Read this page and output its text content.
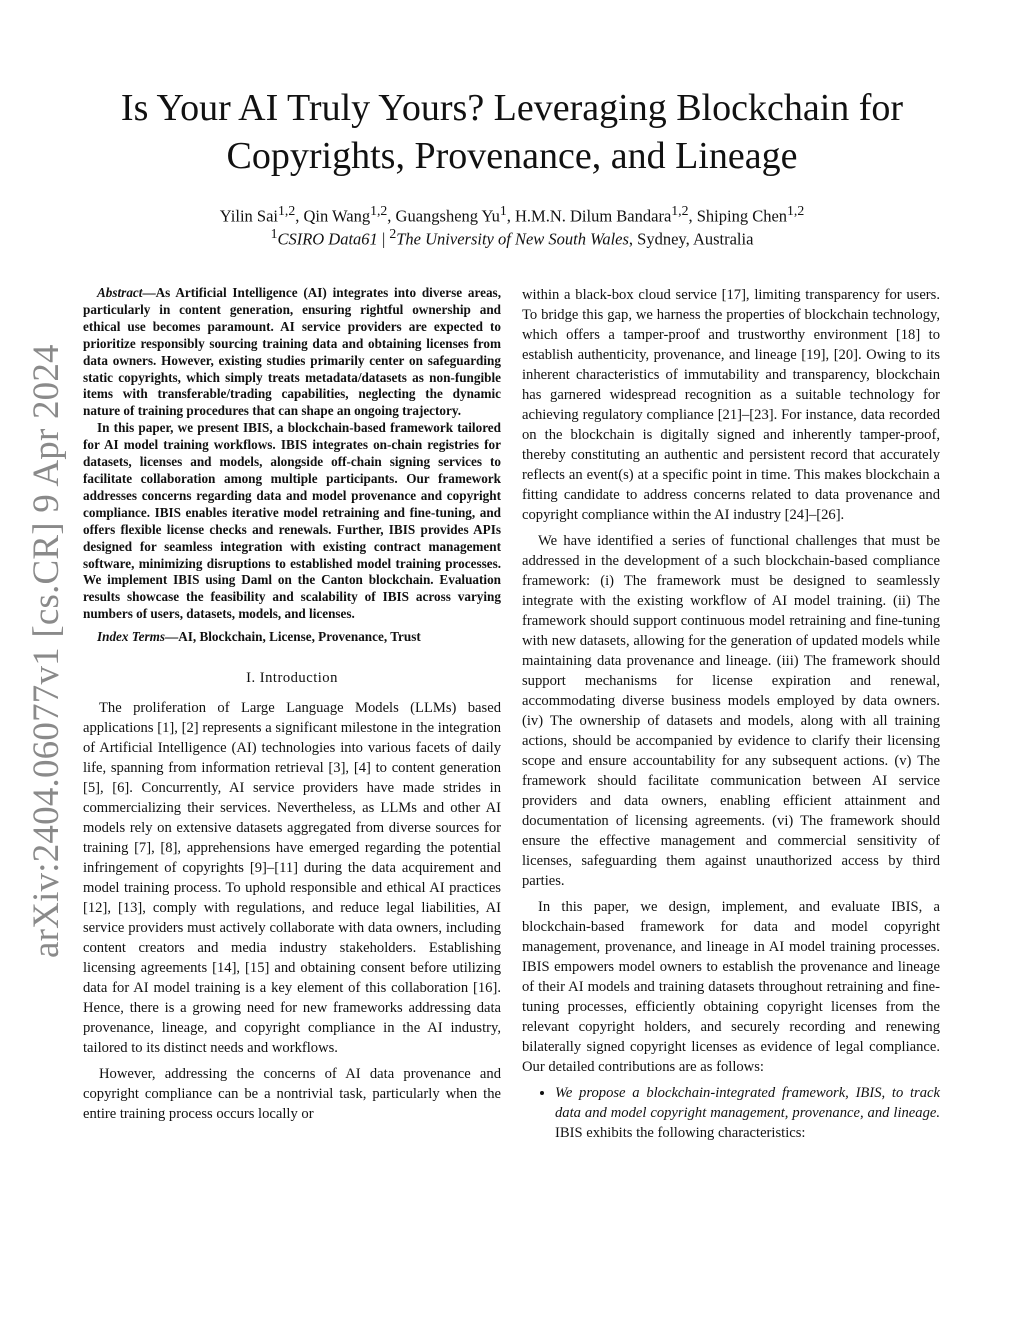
arXiv:2404.06077v1 [cs.CR] 9 Apr 2024
Is Your AI Truly Yours? Leveraging Blockchain for
Copyrights, Provenance, and Lineage
Yilin Sai$^{1,2}$, Qin Wang$^{1,2}$, Guangsheng Yu$^1$, H.M.N. Dilum Bandara$^{1,2}$, Shiping Chen$^{1,2}$
$^1$CSIRO Data61 | $^2$The University of New South Wales, Sydney, Australia

Abstract—As Artificial Intelligence (AI) integrates into diverse areas, particularly in content generation, ensuring rightful ownership and ethical use becomes paramount. AI service providers are expected to prioritize responsibly sourcing training data and obtaining licenses from data owners. However, existing studies primarily center on safeguarding static copyrights, which simply treats metadata/datasets as non-fungible items with transferable/trading capabilities, neglecting the dynamic nature of training procedures that can shape an ongoing trajectory.

In this paper, we present IBIS, a blockchain-based framework tailored for AI model training workflows. IBIS integrates on-chain registries for datasets, licenses and models, alongside off-chain signing services to facilitate collaboration among multiple participants. Our framework addresses concerns regarding data and model provenance and copyright compliance. IBIS enables iterative model retraining and fine-tuning, and offers flexible license checks and renewals. Further, IBIS provides APIs designed for seamless integration with existing contract management software, minimizing disruptions to established model training processes. We implement IBIS using Daml on the Canton blockchain. Evaluation results showcase the feasibility and scalability of IBIS across varying numbers of users, datasets, models, and licenses.

Index Terms—AI, Blockchain, License, Provenance, Trust
I. Introduction

The proliferation of Large Language Models (LLMs) based applications [1], [2] represents a significant milestone in the integration of Artificial Intelligence (AI) technologies into various facets of daily life, spanning from information retrieval [3], [4] to content generation [5], [6]. Concurrently, AI service providers have made strides in commercializing their services. Nevertheless, as LLMs and other AI models rely on extensive datasets aggregated from diverse sources for training [7], [8], apprehensions have emerged regarding the potential infringement of copyrights [9]–[11] during the data acquirement and model training process. To uphold responsible and ethical AI practices [12], [13], comply with regulations, and reduce legal liabilities, AI service providers must actively collaborate with data owners, including content creators and media industry stakeholders. Establishing licensing agreements [14], [15] and obtaining consent before utilizing data for AI model training is a key element of this collaboration [16]. Hence, there is a growing need for new frameworks addressing data provenance, lineage, and copyright compliance in the AI industry, tailored to its distinct needs and workflows.

However, addressing the concerns of AI data provenance and copyright compliance can be a nontrivial task, particularly when the entire training process occurs locally or

within a black-box cloud service [17], limiting transparency for users. To bridge this gap, we harness the properties of blockchain technology, which offers a tamper-proof and trustworthy environment [18] to establish authenticity, provenance, and lineage [19], [20]. Owing to its inherent characteristics of immutability and transparency, blockchain has garnered widespread recognition as a suitable technology for achieving regulatory compliance [21]–[23]. For instance, data recorded on the blockchain is digitally signed and inherently tamper-proof, thereby constituting an authentic and persistent record that accurately reflects an event(s) at a specific point in time. This makes blockchain a fitting candidate to address concerns related to data provenance and copyright compliance within the AI industry [24]–[26].

We have identified a series of functional challenges that must be addressed in the development of a such blockchain-based compliance framework: (i) The framework must be designed to seamlessly integrate with the existing workflow of AI model training. (ii) The framework should support continuous model retraining and fine-tuning with new datasets, allowing for the generation of updated models while maintaining data provenance and lineage. (iii) The framework should support mechanisms for license expiration and renewal, accommodating diverse business models employed by data owners. (iv) The ownership of datasets and models, along with all training actions, should be accompanied by evidence to clarify their licensing scope and ensure accountability for any subsequent actions. (v) The framework should facilitate communication between AI service providers and data owners, enabling efficient attainment and documentation of licensing agreements. (vi) The framework should ensure the effective management and commercial sensitivity of licenses, safeguarding them against unauthorized access by third parties.

In this paper, we design, implement, and evaluate IBIS, a blockchain-based framework for data and model copyright management, provenance, and lineage in AI model training processes. IBIS empowers model owners to establish the provenance and lineage of their AI models and training datasets throughout retraining and fine-tuning processes, efficiently obtaining copyright licenses from the relevant copyright holders, and securely recording and renewing bilaterally signed copyright licenses as evidence of legal compliance. Our detailed contributions are as follows:

• We propose a blockchain-integrated framework, IBIS, to track data and model copyright management, provenance, and lineage. IBIS exhibits the following characteristics:
